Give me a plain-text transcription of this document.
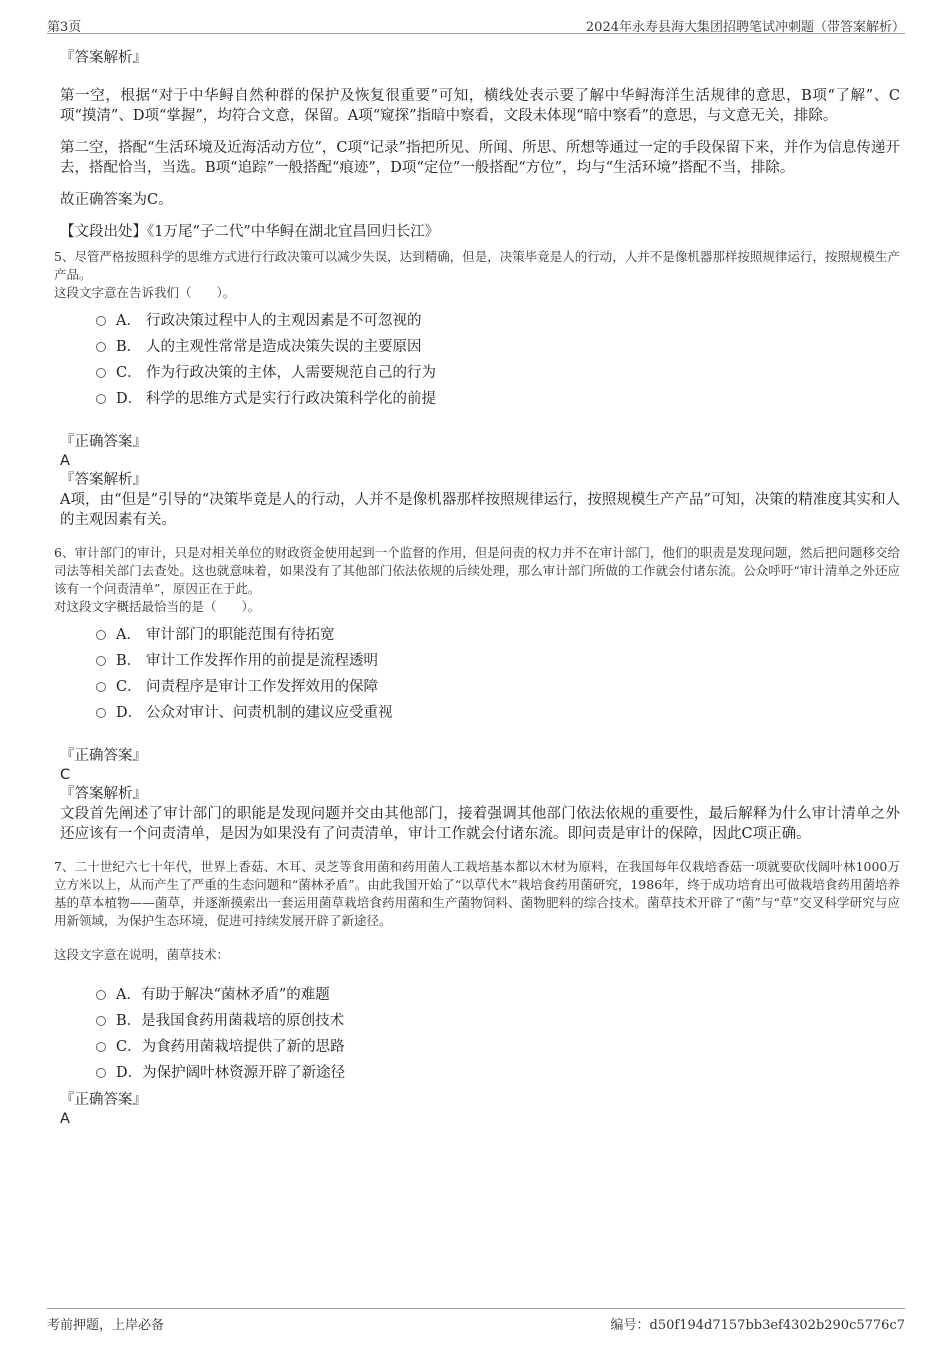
第3页	2024年永寿县海大集团招聘笔试冲刺题（带答案解析）
『答案解析』
第一空，根据“对于中华鲟自然种群的保护及恢复很重要”可知，横线处表示要了解中华鲟海洋生活规律的意思，B项“了解”、C项“摸清”、D项“掌握”，均符合文意，保留。A项“窥探”指暗中察看，文段未体现“暗中察看”的意思，与文意无关，排除。
第二空，搭配“生活环境及近海活动方位”，C项“记录”指把所见、所闻、所思、所想等通过一定的手段保留下来，并作为信息传递开去，搭配恰当，当选。B项“追踪”一般搭配“痕迹”，D项“定位”一般搭配“方位”，均与“生活环境”搭配不当，排除。
故正确答案为C。
【文段出处】《1万尾“子二代”中华鲟在湖北宜昌回归长江》
5、尽管严格按照科学的思维方式进行行政决策可以减少失误，达到精确，但是，决策毕竟是人的行动，人并不是像机器那样按照规律运行，按照规模生产产品。
这段文字意在告诉我们（　　）。
A． 行政决策过程中人的主观因素是不可忽视的
B． 人的主观性常常是造成决策失误的主要原因
C． 作为行政决策的主体，人需要规范自己的行为
D． 科学的思维方式是实行行政决策科学化的前提
『正确答案』
A
『答案解析』
A项，由“但是”引导的“决策毕竟是人的行动，人并不是像机器那样按照规律运行，按照规模生产产品”可知，决策的精准度其实和人的主观因素有关。
6、审计部门的审计，只是对相关单位的财政资金使用起到一个监督的作用，但是问责的权力并不在审计部门，他们的职责是发现问题，然后把问题移交给司法等相关部门去查处。这也就意味着，如果没有了其他部门依法依规的后续处理，那么审计部门所做的工作就会付诸东流。公众呼吁“审计清单之外还应该有一个问责清单”，原因正在于此。
对这段文字概括最恰当的是（　　）。
A． 审计部门的职能范围有待拓宽
B． 审计工作发挥作用的前提是流程透明
C． 问责程序是审计工作发挥效用的保障
D． 公众对审计、问责机制的建议应受重视
『正确答案』
C
『答案解析』
文段首先阐述了审计部门的职能是发现问题并交由其他部门，接着强调其他部门依法依规的重要性，最后解释为什么审计清单之外还应该有一个问责清单，是因为如果没有了问责清单，审计工作就会付诸东流。即问责是审计的保障，因此C项正确。
7、二十世纪六七十年代，世界上香菇、木耳、灵芝等食用菌和药用菌人工栽培基本都以木材为原料，在我国每年仅栽培香菇一项就要砍伐阔叶林1000万立方米以上，从而产生了严重的生态问题和“菌林矛盾”。由此我国开始了“以草代木”栽培食药用菌研究，1986年，终于成功培育出可做栽培食药用菌培养基的草本植物——菌草，并逐渐摸索出一套运用菌草栽培食药用菌和生产菌物饲料、菌物肥料的综合技术。菌草技术开辟了“菌”与“草”交叉科学研究与应用新领域，为保护生态环境，促进可持续发展开辟了新途径。
这段文字意在说明，菌草技术：
A． 有助于解决“菌林矛盾”的难题
B． 是我国食药用菌栽培的原创技术
C． 为食药用菌栽培提供了新的思路
D． 为保护阔叶林资源开辟了新途径
『正确答案』
A
考前押题，上岸必备	编号：d50f194d7157bb3ef4302b290c5776c7
